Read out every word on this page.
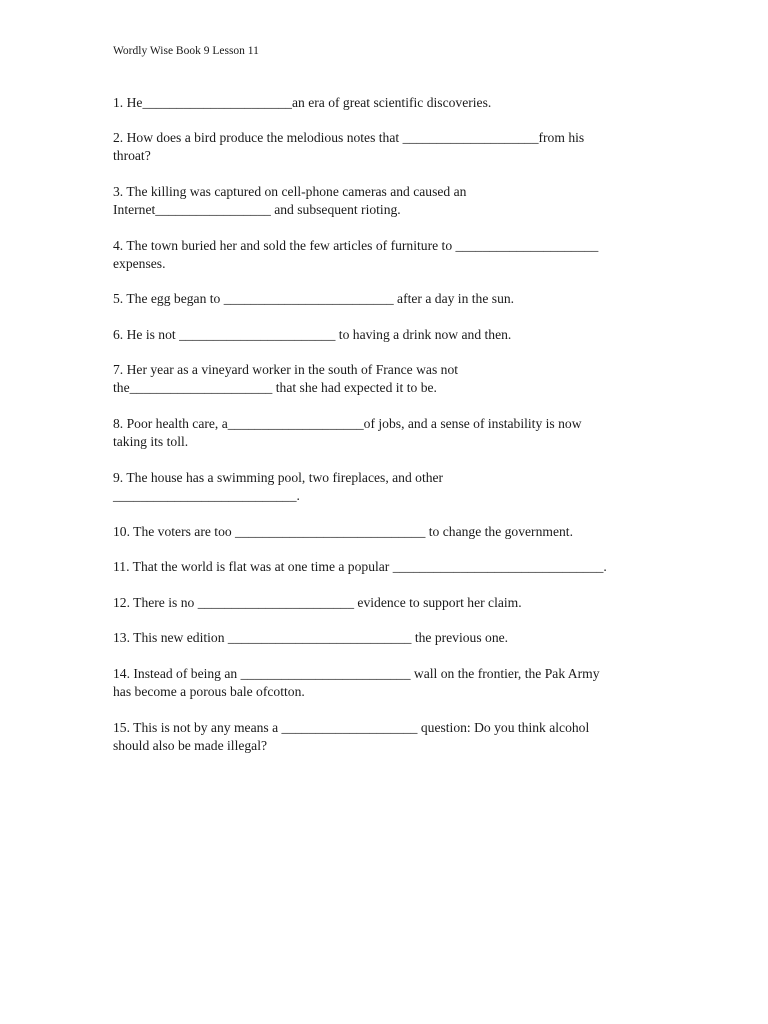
Wordly Wise Book 9 Lesson 11
1. He______________________an era of great scientific discoveries.
2. How does a bird produce the melodious notes that ____________________from his
throat?
3. The killing was captured on cell-phone cameras and caused an
Internet_________________ and subsequent rioting.
4. The town buried her and sold the few articles of furniture to _____________________
expenses.
5. The egg began to _________________________ after a day in the sun.
6. He is not _______________________ to having a drink now and then.
7. Her year as a vineyard worker in the south of France was not
the_____________________ that she had expected it to be.
8. Poor health care, a____________________of jobs, and a sense of instability is now
taking its toll.
9. The house has a swimming pool, two fireplaces, and other
___________________________.
10. The voters are too ____________________________ to change the government.
11. That the world is flat was at one time a popular _______________________________.
12. There is no _______________________ evidence to support her claim.
13. This new edition ___________________________ the previous one.
14. Instead of being an _________________________ wall on the frontier, the Pak Army
has become a porous bale ofcotton.
15. This is not by any means a ____________________ question: Do you think alcohol
should also be made illegal?
